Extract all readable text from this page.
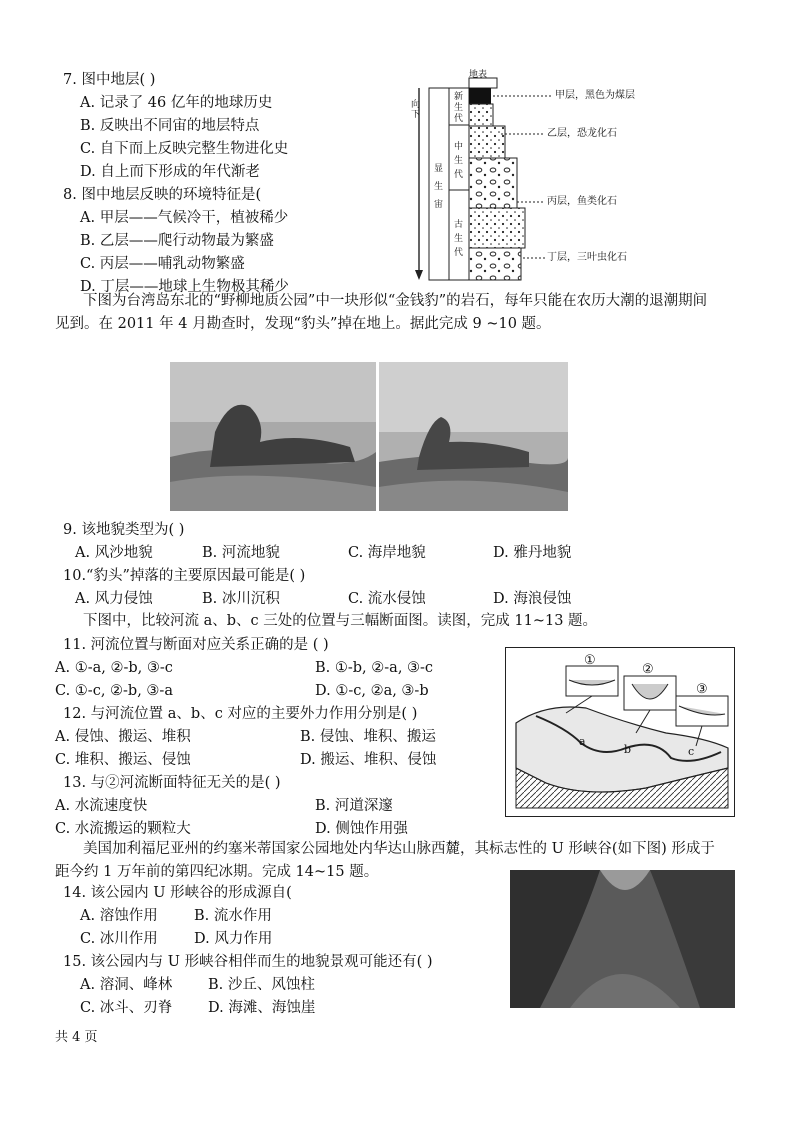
7. 图中地层( )
A. 记录了 46 亿年的地球历史
B. 反映出不同宙的地层特点
C. 自下而上反映完整生物进化史
D. 自上而下形成的年代渐老
8. 图中地层反映的环境特征是(
A. 甲层——气候冷干，植被稀少
B. 乙层——爬行动物最为繁盛
C. 丙层——哺乳动物繁盛
D. 丁层——地球上生物极其稀少
地表
向下
显生宙
新生代
中生代
古生代
甲层，黑色为煤层
乙层，恐龙化石
丙层，鱼类化石
丁层，三叶虫化石
下图为台湾岛东北的“野柳地质公园”中一块形似“金钱豹”的岩石，每年只能在农历大潮的退潮期间见到。在 2011 年 4 月勘查时，发现“豹头”掉在地上。据此完成 9 ~10 题。
9. 该地貌类型为( )
A. 风沙地貌	B. 河流地貌	C. 海岸地貌	D. 雅丹地貌
10.“豹头”掉落的主要原因最可能是( )
A. 风力侵蚀	B. 冰川沉积	C. 流水侵蚀	D. 海浪侵蚀
下图中，比较河流 a、b、c 三处的位置与三幅断面图。读图，完成 11~13 题。
11. 河流位置与断面对应关系正确的是 ( )
A. ①-a, ②-b, ③-c	B. ①-b, ②-a, ③-c
C. ①-c, ②-b, ③-a	D. ①-c, ②a, ③-b
12. 与河流位置 a、b、c 对应的主要外力作用分别是( )
A. 侵蚀、搬运、堆积	B. 侵蚀、堆积、搬运
C. 堆积、搬运、侵蚀	D. 搬运、堆积、侵蚀
13. 与②河流断面特征无关的是( )
A. 水流速度快	B. 河道深邃
C. 水流搬运的颗粒大	D. 侧蚀作用强
①
②
③
a
b	c
美国加利福尼亚州的约塞米蒂国家公园地处内华达山脉西麓，其标志性的 U 形峡谷(如下图) 形成于距今约 1 万年前的第四纪冰期。完成 14~15 题。
14. 该公园内 U 形峡谷的形成源自(
A. 溶蚀作用	B. 流水作用
C. 冰川作用 D. 风力作用
15. 该公园内与 U 形峡谷相伴而生的地貌景观可能还有( )
A. 溶洞、峰林 B. 沙丘、风蚀柱
C. 冰斗、刃脊 D. 海滩、海蚀崖
共 4 页
